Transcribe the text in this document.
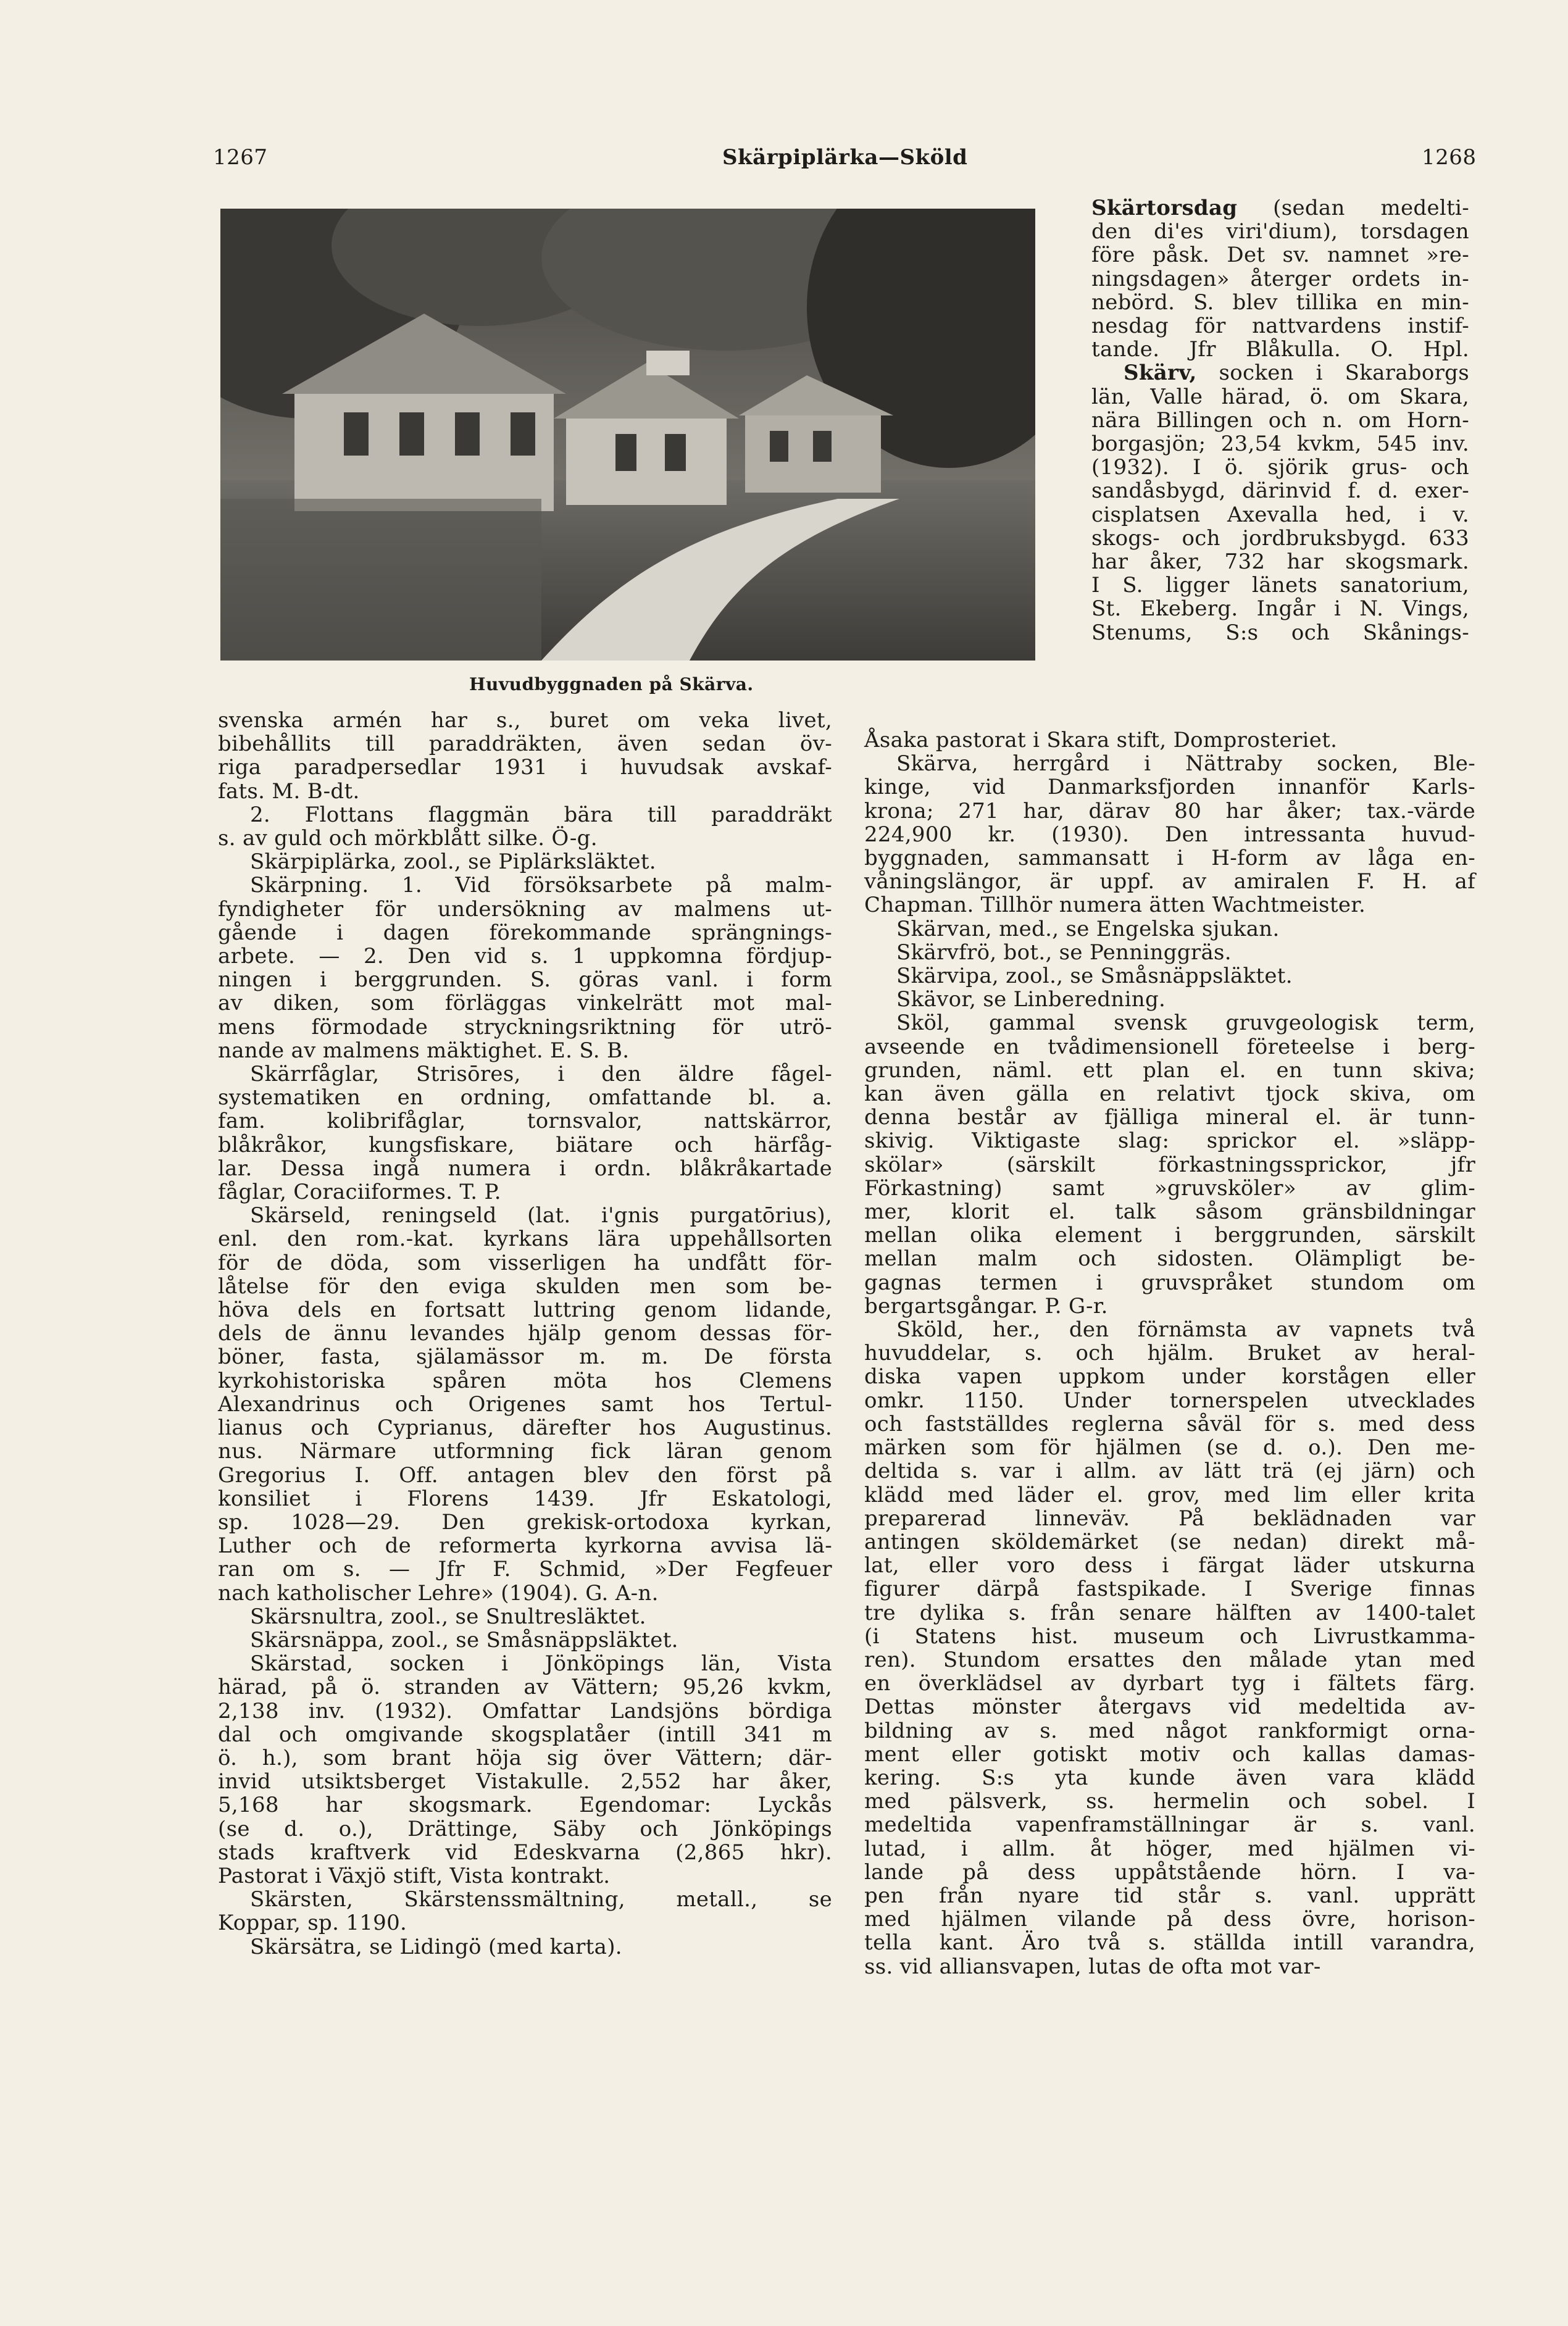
1267	Skärpiplärka—Sköld	1268
Huvudbyggnaden på Skärva.
Skärtorsdag (sedan medelti-
den di'es viri'dium), torsdagen
före påsk. Det sv. namnet »re-
ningsdagen» återger ordets in-
nebörd. S. blev tillika en min-
nesdag för nattvardens instif-
tande. Jfr Blåkulla. O. Hpl.
Skärv, socken i Skaraborgs
län, Valle härad, ö. om Skara,
nära Billingen och n. om Horn-
borgasjön; 23,54 kvkm, 545 inv.
(1932). I ö. sjörik grus- och
sandåsbygd, därinvid f. d. exer-
cisplatsen Axevalla hed, i v.
skogs- och jordbruksbygd. 633
har åker, 732 har skogsmark.
I S. ligger länets sanatorium,
St. Ekeberg. Ingår i N. Vings,
Stenums, S:s och Skånings-
svenska armén har s., buret om veka livet,
bibehållits till paraddräkten, även sedan öv-
riga paradpersedlar 1931 i huvudsak avskaf-
fats. M. B-dt.
2. Flottans flaggmän bära till paraddräkt
s. av guld och mörkblått silke. Ö-g.
Skärpiplärka, zool., se Piplärksläktet.
Skärpning. 1. Vid försöksarbete på malm-
fyndigheter för undersökning av malmens ut-
gående i dagen förekommande sprängnings-
arbete. — 2. Den vid s. 1 uppkomna fördjup-
ningen i berggrunden. S. göras vanl. i form
av diken, som förläggas vinkelrätt mot mal-
mens förmodade stryckningsriktning för utrö-
nande av malmens mäktighet. E. S. B.
Skärrfåglar, Strisōres, i den äldre fågel-
systematiken en ordning, omfattande bl. a.
fam. kolibrifåglar, tornsvalor, nattskärror,
blåkråkor, kungsfiskare, biätare och härfåg-
lar. Dessa ingå numera i ordn. blåkråkartade
fåglar, Coraciiformes. T. P.
Skärseld, reningseld (lat. i'gnis purgatōrius),
enl. den rom.-kat. kyrkans lära uppehållsorten
för de döda, som visserligen ha undfått för-
låtelse för den eviga skulden men som be-
höva dels en fortsatt luttring genom lidande,
dels de ännu levandes hjälp genom dessas för-
böner, fasta, själamässor m. m. De första
kyrkohistoriska spåren möta hos Clemens
Alexandrinus och Origenes samt hos Tertul-
lianus och Cyprianus, därefter hos Augustinus.
nus. Närmare utformning fick läran genom
Gregorius I. Off. antagen blev den först på
konsiliet i Florens 1439. Jfr Eskatologi,
sp. 1028—29. Den grekisk-ortodoxa kyrkan,
Luther och de reformerta kyrkorna avvisa lä-
ran om s. — Jfr F. Schmid, »Der Fegfeuer
nach katholischer Lehre» (1904). G. A-n.
Skärsnultra, zool., se Snultresläktet.
Skärsnäppa, zool., se Småsnäppsläktet.
Skärstad, socken i Jönköpings län, Vista
härad, på ö. stranden av Vättern; 95,26 kvkm,
2,138 inv. (1932). Omfattar Landsjöns bördiga
dal och omgivande skogsplatåer (intill 341 m
ö. h.), som brant höja sig över Vättern; där-
invid utsiktsberget Vistakulle. 2,552 har åker,
5,168 har skogsmark. Egendomar: Lyckås
(se d. o.), Drättinge, Säby och Jönköpings
stads kraftverk vid Edeskvarna (2,865 hkr).
Pastorat i Växjö stift, Vista kontrakt.
Skärsten, Skärstenssmältning, metall., se
Koppar, sp. 1190.
Skärsätra, se Lidingö (med karta).
Åsaka pastorat i Skara stift, Domprosteriet.
Skärva, herrgård i Nättraby socken, Ble-
kinge, vid Danmarksfjorden innanför Karls-
krona; 271 har, därav 80 har åker; tax.-värde
224,900 kr. (1930). Den intressanta huvud-
byggnaden, sammansatt i H-form av låga en-
våningslängor, är uppf. av amiralen F. H. af
Chapman. Tillhör numera ätten Wachtmeister.
Skärvan, med., se Engelska sjukan.
Skärvfrö, bot., se Penninggräs.
Skärvipa, zool., se Småsnäppsläktet.
Skävor, se Linberedning.
Sköl, gammal svensk gruvgeologisk term,
avseende en tvådimensionell företeelse i berg-
grunden, näml. ett plan el. en tunn skiva;
kan även gälla en relativt tjock skiva, om
denna består av fjälliga mineral el. är tunn-
skivig. Viktigaste slag: sprickor el. »släpp-
skölar» (särskilt förkastningssprickor, jfr
Förkastning) samt »gruvsköler» av glim-
mer, klorit el. talk såsom gränsbildningar
mellan olika element i berggrunden, särskilt
mellan malm och sidosten. Olämpligt be-
gagnas termen i gruvspråket stundom om
bergartsgångar. P. G-r.
Sköld, her., den förnämsta av vapnets två
huvuddelar, s. och hjälm. Bruket av heral-
diska vapen uppkom under korstågen eller
omkr. 1150. Under tornerspelen utvecklades
och fastställdes reglerna såväl för s. med dess
märken som för hjälmen (se d. o.). Den me-
deltida s. var i allm. av lätt trä (ej järn) och
klädd med läder el. grov, med lim eller krita
preparerad linneväv. På beklädnaden var
antingen sköldemärket (se nedan) direkt må-
lat, eller voro dess i färgat läder utskurna
figurer därpå fastspikade. I Sverige finnas
tre dylika s. från senare hälften av 1400-talet
(i Statens hist. museum och Livrustkamma-
ren). Stundom ersattes den målade ytan med
en överklädsel av dyrbart tyg i fältets färg.
Dettas mönster återgavs vid medeltida av-
bildning av s. med något rankformigt orna-
ment eller gotiskt motiv och kallas damas-
kering. S:s yta kunde även vara klädd
med pälsverk, ss. hermelin och sobel. I
medeltida vapenframställningar är s. vanl.
lutad, i allm. åt höger, med hjälmen vi-
lande på dess uppåtstående hörn. I va-
pen från nyare tid står s. vanl. upprätt
med hjälmen vilande på dess övre, horison-
tella kant. Äro två s. ställda intill varandra,
ss. vid alliansvapen, lutas de ofta mot var-
